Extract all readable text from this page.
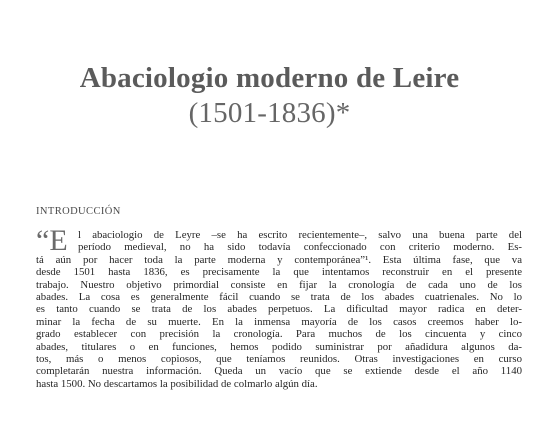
Abaciologio moderno de Leire
(1501-1836)*
INTRODUCCIÓN
“E l abaciologio de Leyre –se ha escrito recientemente–, salvo una buena parte del
período medieval, no ha sido todavía confeccionado con criterio moderno. Es-
tá aún por hacer toda la parte moderna y contemporánea”¹. Esta última fase, que va
desde 1501 hasta 1836, es precisamente la que intentamos reconstruir en el presente
trabajo. Nuestro objetivo primordial consiste en fijar la cronología de cada uno de los
abades. La cosa es generalmente fácil cuando se trata de los abades cuatrienales. No lo
es tanto cuando se trata de los abades perpetuos. La dificultad mayor radica en deter-
minar la fecha de su muerte. En la inmensa mayoría de los casos creemos haber lo-
grado establecer con precisión la cronología. Para muchos de los cincuenta y cinco
abades, titulares o en funciones, hemos podido suministrar por añadidura algunos da-
tos, más o menos copiosos, que teníamos reunidos. Otras investigaciones en curso
completarán nuestra información. Queda un vacío que se extiende desde el año 1140
hasta 1500. No descartamos la posibilidad de colmarlo algún día.
